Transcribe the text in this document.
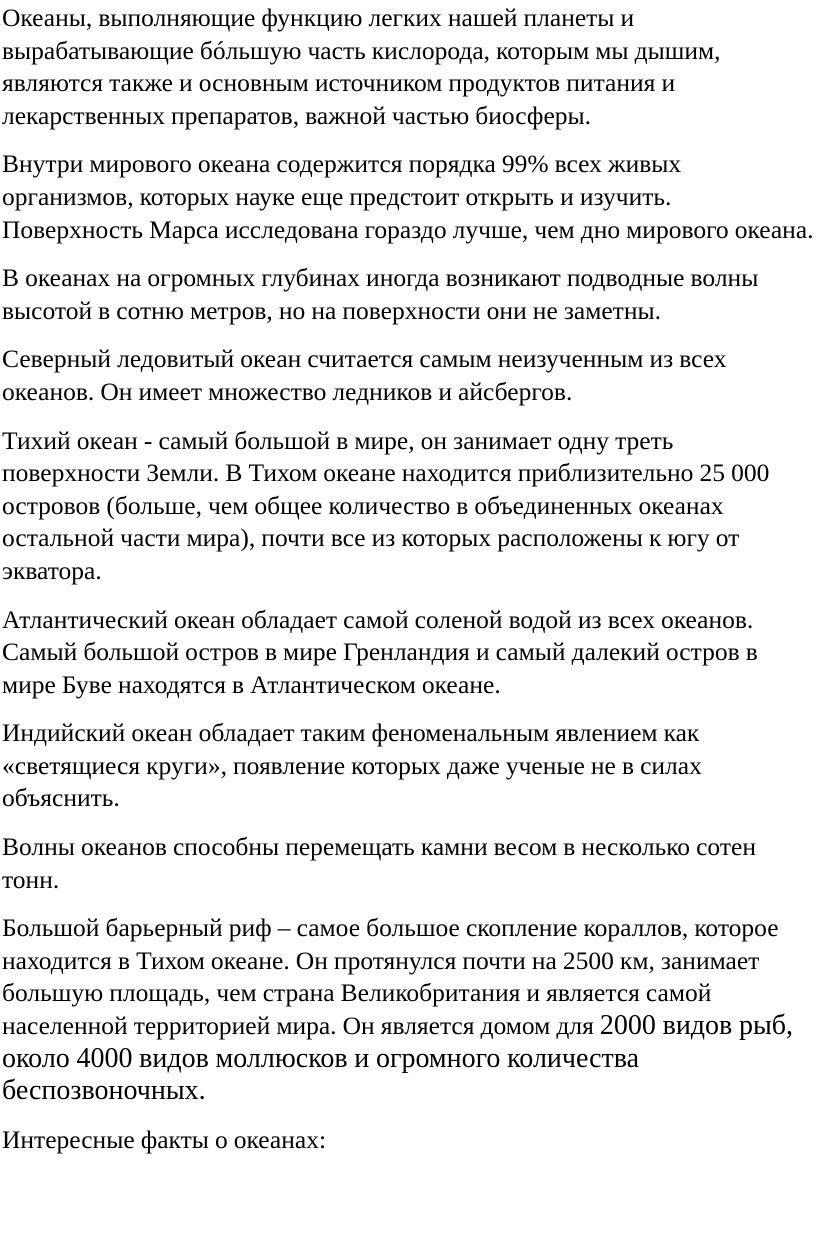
Океаны, выполняющие функцию легких нашей планеты и вырабатывающие бóльшую часть кислорода, которым мы дышим, являются также и основным источником продуктов питания и лекарственных препаратов, важной частью биосферы.

Внутри мирового океана содержится порядка 99% всех живых организмов, которых науке еще предстоит открыть и изучить. Поверхность Марса исследована гораздо лучше, чем дно мирового океана.

В океанах на огромных глубинах иногда возникают подводные волны высотой в сотню метров, но на поверхности они не заметны.

Северный ледовитый океан считается самым неизученным из всех океанов. Он имеет множество ледников и айсбергов.

Тихий океан - самый большой в мире, он занимает одну треть поверхности Земли. В Тихом океане находится приблизительно 25 000 островов (больше, чем общее количество в объединенных океанах остальной части мира), почти все из которых расположены к югу от экватора.

Атлантический океан обладает самой соленой водой из всех океанов. Самый большой остров в мире Гренландия и самый далекий остров в мире Буве находятся в Атлантическом океане.

Индийский океан обладает таким феноменальным явлением как «светящиеся круги», появление которых даже ученые не в силах объяснить.

Волны океанов способны перемещать камни весом в несколько сотен тонн.

Большой барьерный риф – самое большое скопление кораллов, которое находится в Тихом океане. Он протянулся почти на 2500 км, занимает большую площадь, чем страна Великобритания и является самой населенной территорией мира. Он является домом для 2000 видов рыб, около 4000 видов моллюсков и огромного количества беспозвоночных.

Интересные факты о океанах:
